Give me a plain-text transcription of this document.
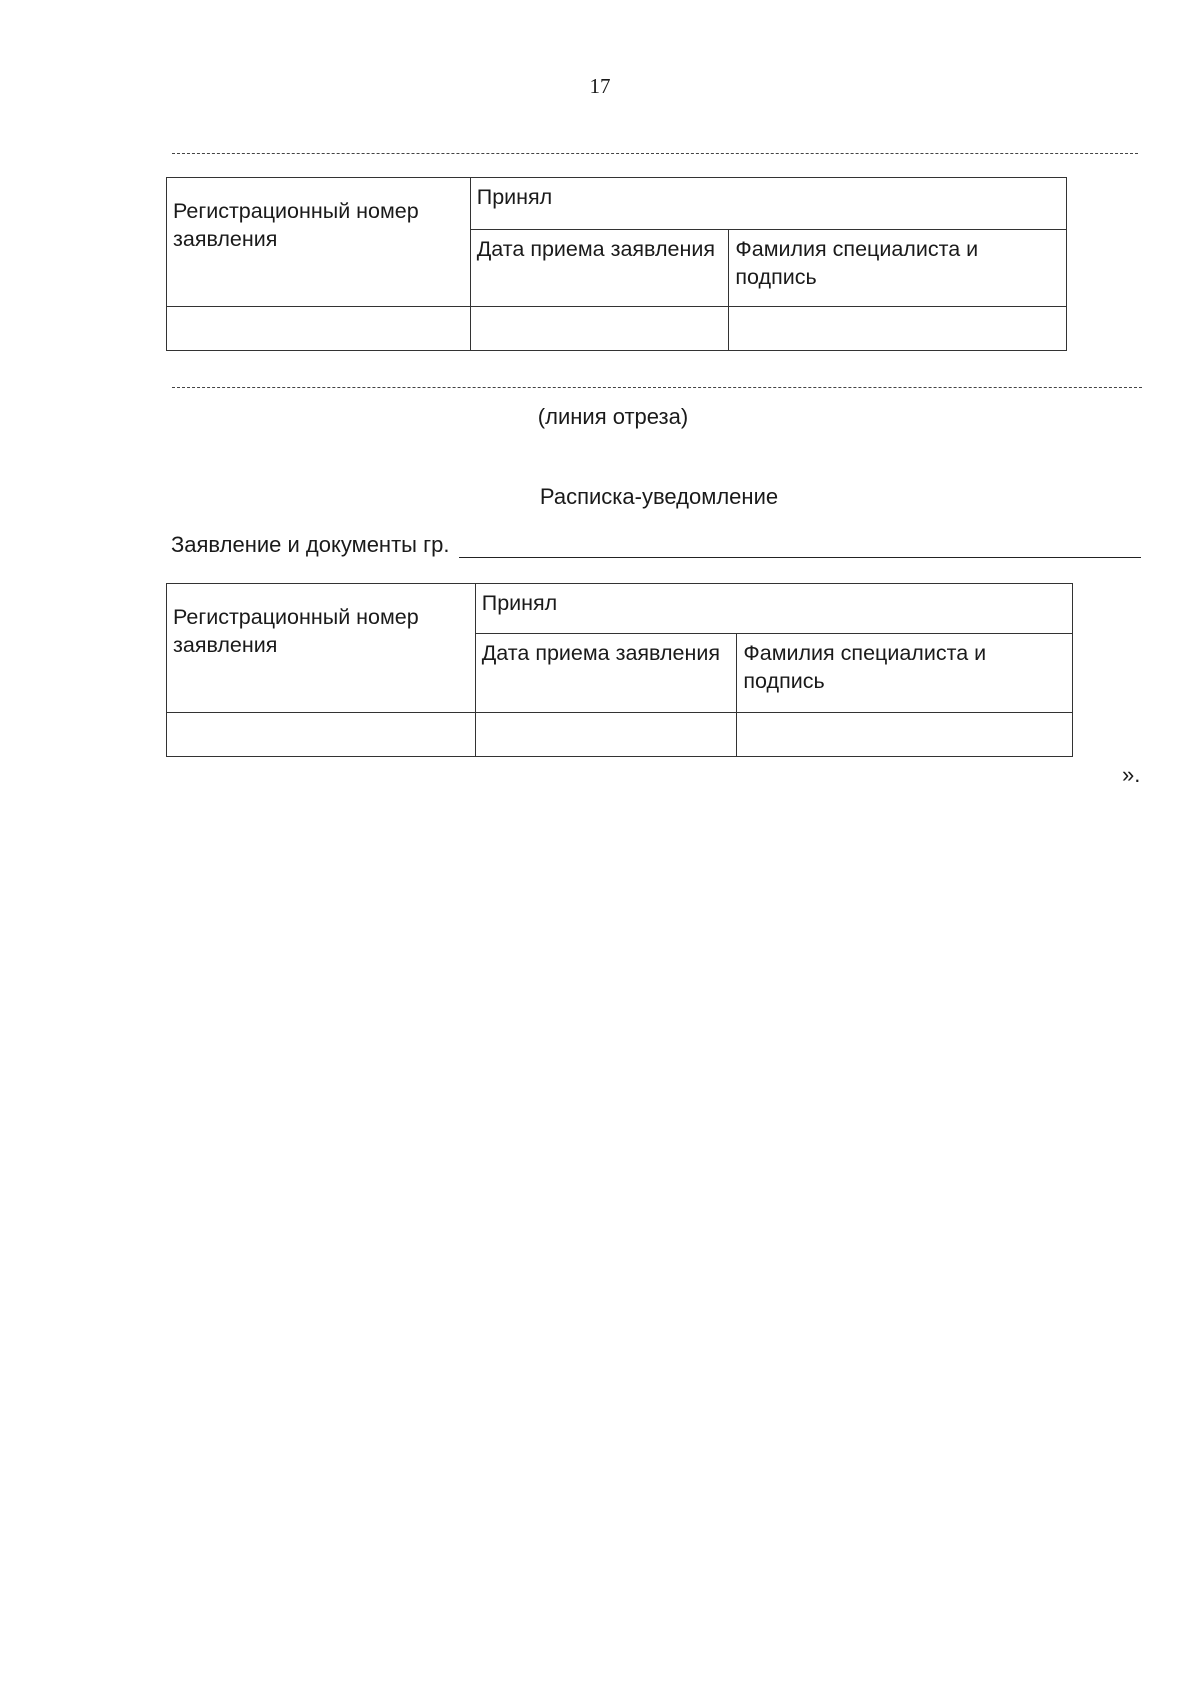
17
Регистрационный номер заявления	Принял	
	Дата приема заявления	Фамилия специалиста и подпись

(линия отреза)
Расписка-уведомление
Заявление и документы гр.
Регистрационный номер заявления	Принял	
	Дата приема заявления	Фамилия специалиста и подпись

».
